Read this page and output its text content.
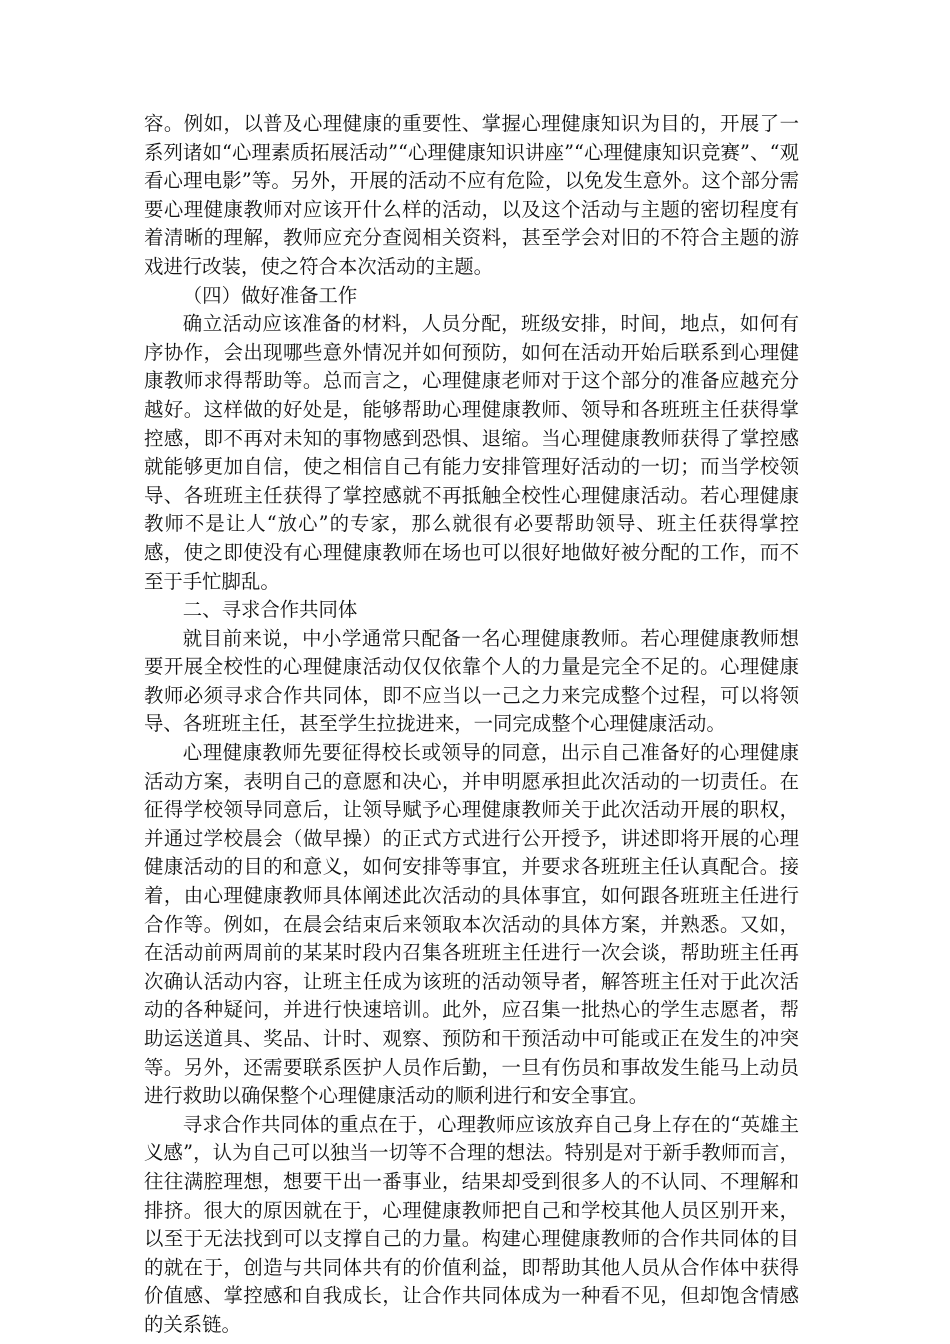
容。例如，以普及心理健康的重要性、掌握心理健康知识为目的，开展了一系列诸如“心理素质拓展活动”“心理健康知识讲座”“心理健康知识竞赛”、“观看心理电影”等。另外，开展的活动不应有危险，以免发生意外。这个部分需要心理健康教师对应该开什么样的活动，以及这个活动与主题的密切程度有着清晰的理解，教师应充分查阅相关资料，甚至学会对旧的不符合主题的游戏进行改装，使之符合本次活动的主题。

（四）做好准备工作

确立活动应该准备的材料，人员分配，班级安排，时间，地点，如何有序协作，会出现哪些意外情况并如何预防，如何在活动开始后联系到心理健康教师求得帮助等。总而言之，心理健康老师对于这个部分的准备应越充分越好。这样做的好处是，能够帮助心理健康教师、领导和各班班主任获得掌控感，即不再对未知的事物感到恐惧、退缩。当心理健康教师获得了掌控感就能够更加自信，使之相信自己有能力安排管理好活动的一切；而当学校领导、各班班主任获得了掌控感就不再抵触全校性心理健康活动。若心理健康教师不是让人“放心”的专家，那么就很有必要帮助领导、班主任获得掌控感，使之即使没有心理健康教师在场也可以很好地做好被分配的工作，而不至于手忙脚乱。

二、寻求合作共同体

就目前来说，中小学通常只配备一名心理健康教师。若心理健康教师想要开展全校性的心理健康活动仅仅依靠个人的力量是完全不足的。心理健康教师必须寻求合作共同体，即不应当以一己之力来完成整个过程，可以将领导、各班班主任，甚至学生拉拢进来，一同完成整个心理健康活动。

心理健康教师先要征得校长或领导的同意，出示自己准备好的心理健康活动方案，表明自己的意愿和决心，并申明愿承担此次活动的一切责任。在征得学校领导同意后，让领导赋予心理健康教师关于此次活动开展的职权，并通过学校晨会（做早操）的正式方式进行公开授予，讲述即将开展的心理健康活动的目的和意义，如何安排等事宜，并要求各班班主任认真配合。接着，由心理健康教师具体阐述此次活动的具体事宜，如何跟各班班主任进行合作等。例如，在晨会结束后来领取本次活动的具体方案，并熟悉。又如，在活动前两周前的某某时段内召集各班班主任进行一次会谈，帮助班主任再次确认活动内容，让班主任成为该班的活动领导者，解答班主任对于此次活动的各种疑问，并进行快速培训。此外，应召集一批热心的学生志愿者，帮助运送道具、奖品、计时、观察、预防和干预活动中可能或正在发生的冲突等。另外，还需要联系医护人员作后勤，一旦有伤员和事故发生能马上动员进行救助以确保整个心理健康活动的顺利进行和安全事宜。

寻求合作共同体的重点在于，心理教师应该放弃自己身上存在的“英雄主义感”，认为自己可以独当一切等不合理的想法。特别是对于新手教师而言，往往满腔理想，想要干出一番事业，结果却受到很多人的不认同、不理解和排挤。很大的原因就在于，心理健康教师把自己和学校其他人员区别开来，以至于无法找到可以支撑自己的力量。构建心理健康教师的合作共同体的目的就在于，创造与共同体共有的价值利益，即帮助其他人员从合作体中获得价值感、掌控感和自我成长，让合作共同体成为一种看不见，但却饱含情感的关系链。
